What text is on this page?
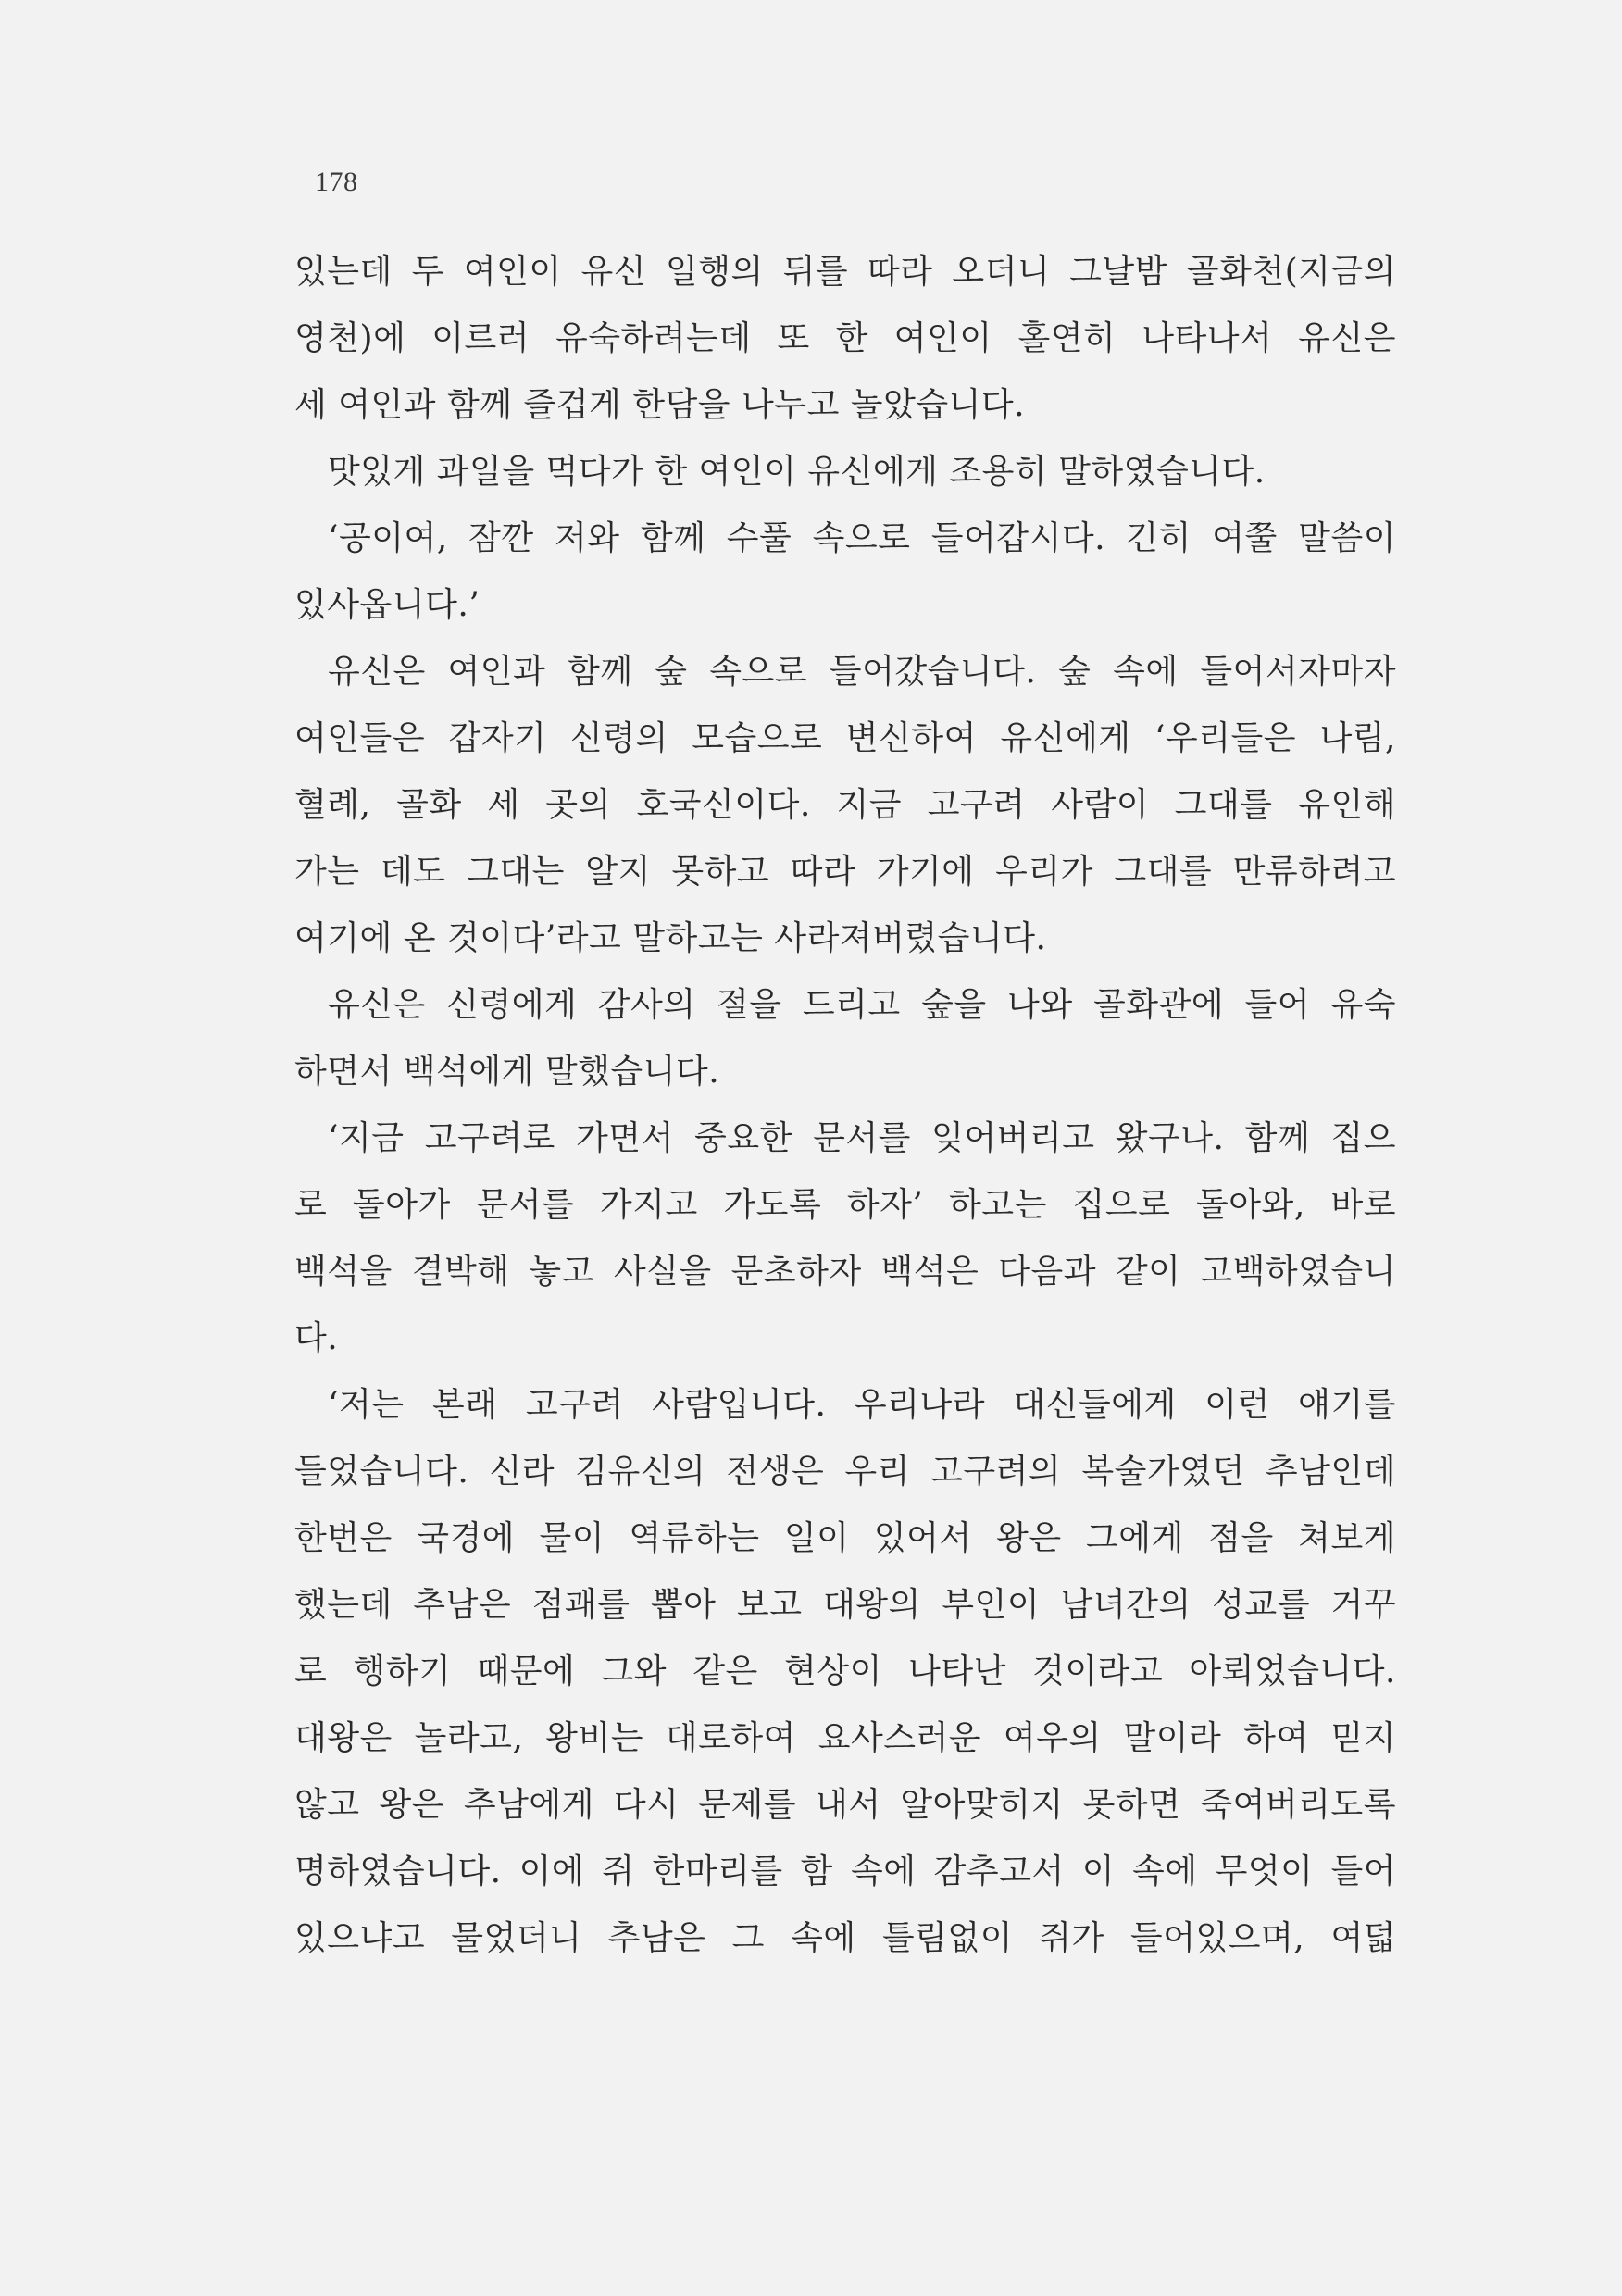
178
있는데 두 여인이 유신 일행의 뒤를 따라 오더니 그날밤 골화천(지금의
영천)에 이르러 유숙하려는데 또 한 여인이 홀연히 나타나서 유신은
세 여인과 함께 즐겁게 한담을 나누고 놀았습니다.
맛있게 과일을 먹다가 한 여인이 유신에게 조용히 말하였습니다.
‘공이여, 잠깐 저와 함께 수풀 속으로 들어갑시다. 긴히 여쭐 말씀이
있사옵니다.’
유신은 여인과 함께 숲 속으로 들어갔습니다. 숲 속에 들어서자마자
여인들은 갑자기 신령의 모습으로 변신하여 유신에게 ‘우리들은 나림,
혈례, 골화 세 곳의 호국신이다. 지금 고구려 사람이 그대를 유인해
가는 데도 그대는 알지 못하고 따라 가기에 우리가 그대를 만류하려고
여기에 온 것이다’라고 말하고는 사라져버렸습니다.
유신은 신령에게 감사의 절을 드리고 숲을 나와 골화관에 들어 유숙
하면서 백석에게 말했습니다.
‘지금 고구려로 가면서 중요한 문서를 잊어버리고 왔구나. 함께 집으
로 돌아가 문서를 가지고 가도록 하자’ 하고는 집으로 돌아와, 바로
백석을 결박해 놓고 사실을 문초하자 백석은 다음과 같이 고백하였습니
다.
‘저는 본래 고구려 사람입니다. 우리나라 대신들에게 이런 얘기를
들었습니다. 신라 김유신의 전생은 우리 고구려의 복술가였던 추남인데
한번은 국경에 물이 역류하는 일이 있어서 왕은 그에게 점을 쳐보게
했는데 추남은 점괘를 뽑아 보고 대왕의 부인이 남녀간의 성교를 거꾸
로 행하기 때문에 그와 같은 현상이 나타난 것이라고 아뢰었습니다.
대왕은 놀라고, 왕비는 대로하여 요사스러운 여우의 말이라 하여 믿지
않고 왕은 추남에게 다시 문제를 내서 알아맞히지 못하면 죽여버리도록
명하였습니다. 이에 쥐 한마리를 함 속에 감추고서 이 속에 무엇이 들어
있으냐고 물었더니 추남은 그 속에 틀림없이 쥐가 들어있으며, 여덟
